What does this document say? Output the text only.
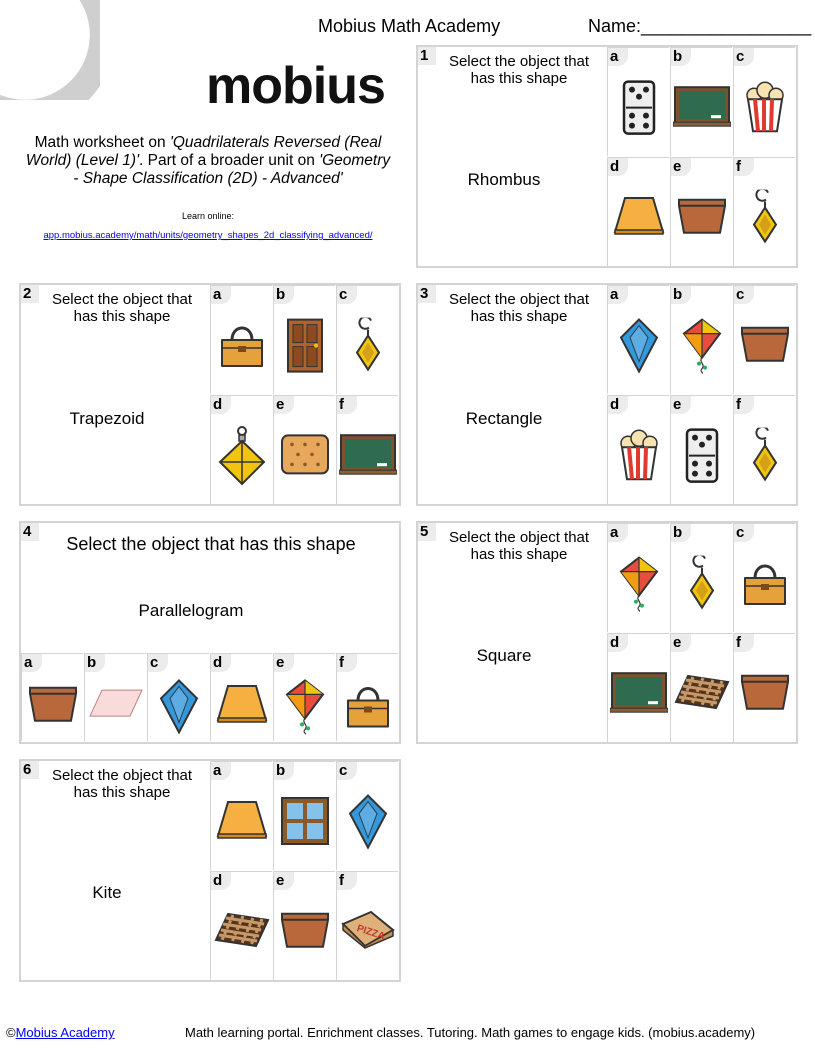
Mobius Math Academy	Name:_________________
mobius
Math worksheet on 'Quadrilaterals Reversed (Real World) (Level 1)'. Part of a broader unit on 'Geometry - Shape Classification (2D) - Advanced'
Learn online:
app.mobius.academy/math/units/geometry_shapes_2d_classifying_advanced/
1	Select the object that has this shape
Rhombus
a	b	c
d	e	f
2	Select the object that has this shape
Trapezoid
a	b	c
d	e	f
3	Select the object that has this shape
Rectangle
a	b	c
d	e	f
4
Select the object that has this shape
Parallelogram
a	b	c	d	e	f
5	Select the object that has this shape
Square
a	b	c
d	e	f
6	Select the object that has this shape
Kite
a	b	c
d	e	f
PIZZA
©Mobius Academy	Math learning portal. Enrichment classes. Tutoring. Math games to engage kids. (mobius.academy)
